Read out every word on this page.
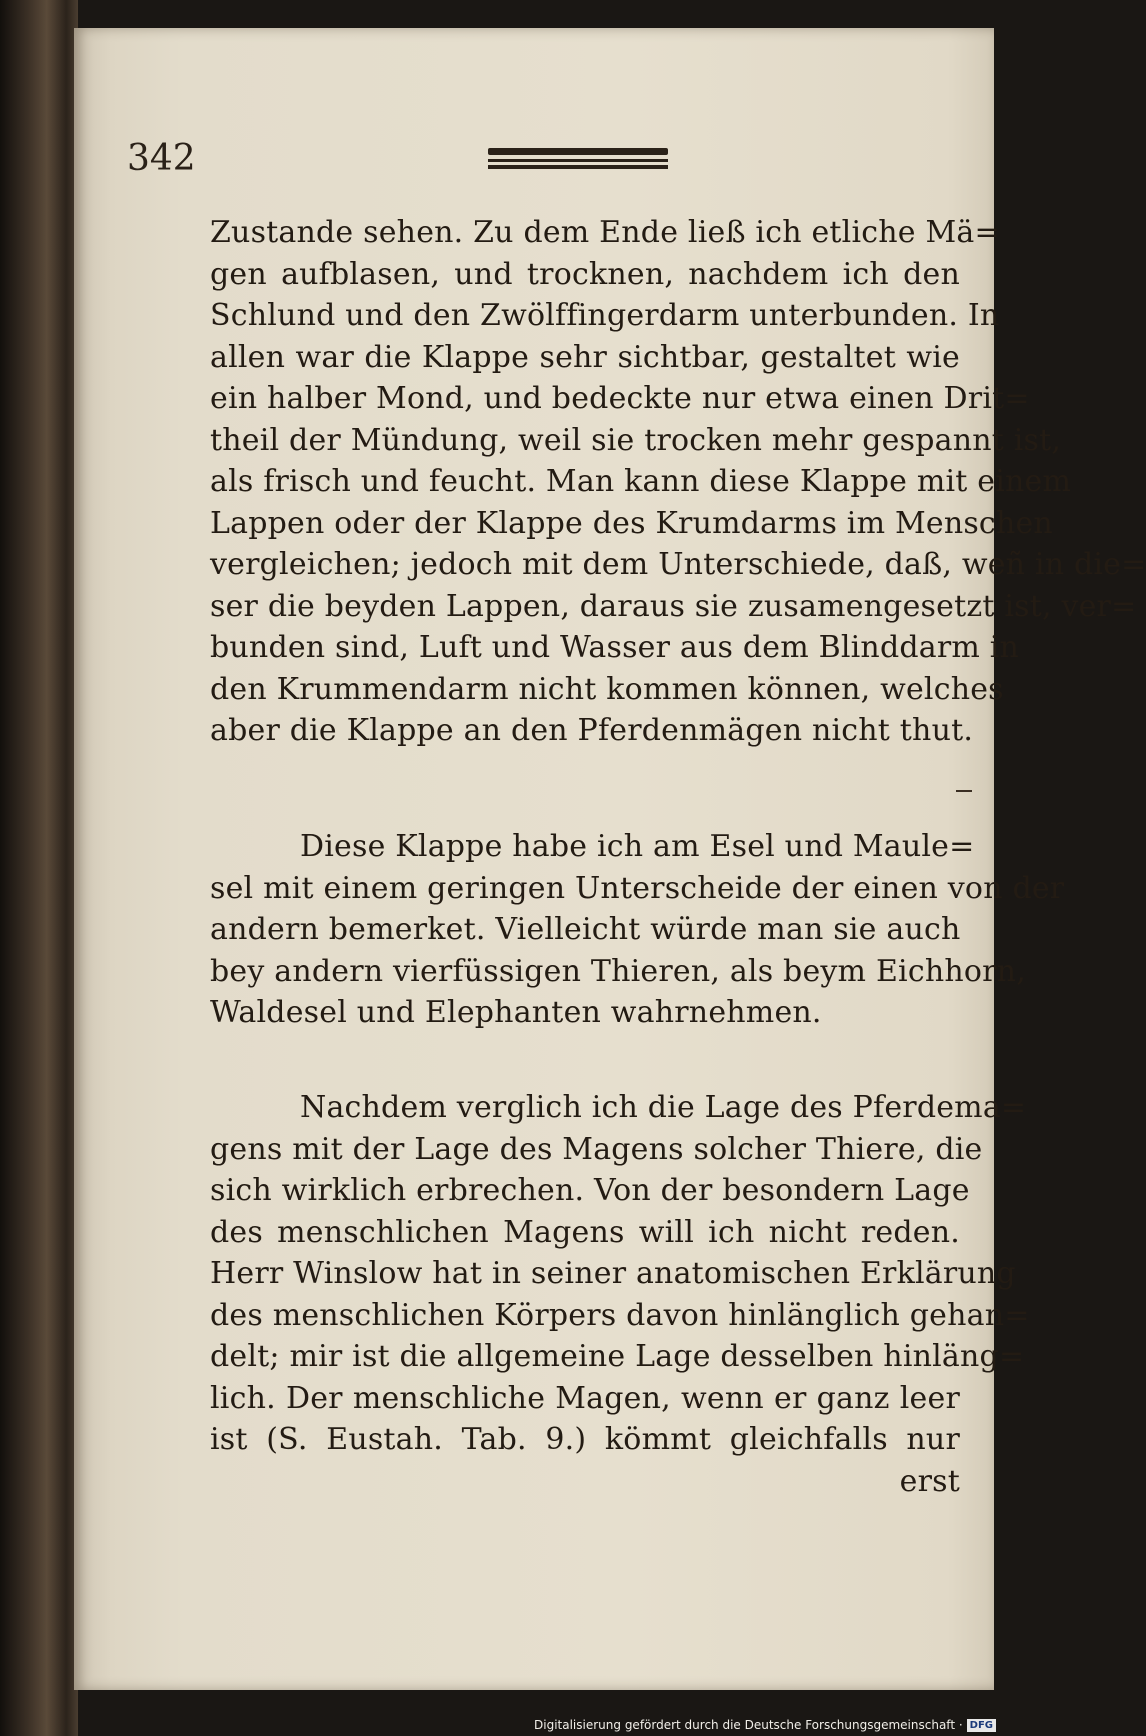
342
Zustande sehen. Zu dem Ende ließ ich etliche Mä=
gen aufblasen, und trocknen, nachdem ich den
Schlund und den Zwölffingerdarm unterbunden. In
allen war die Klappe sehr sichtbar, gestaltet wie
ein halber Mond, und bedeckte nur etwa einen Drit=
theil der Mündung, weil sie trocken mehr gespannt ist,
als frisch und feucht. Man kann diese Klappe mit einem
Lappen oder der Klappe des Krumdarms im Menschen
vergleichen; jedoch mit dem Unterschiede, daß, weñ in die=
ser die beyden Lappen, daraus sie zusamengesetzt ist, ver=
bunden sind, Luft und Wasser aus dem Blinddarm in
den Krummendarm nicht kommen können, welches
aber die Klappe an den Pferdenmägen nicht thut.
Diese Klappe habe ich am Esel und Maule=
sel mit einem geringen Unterscheide der einen von der
andern bemerket. Vielleicht würde man sie auch
bey andern vierfüssigen Thieren, als beym Eichhorn,
Waldesel und Elephanten wahrnehmen.
Nachdem verglich ich die Lage des Pferdema=
gens mit der Lage des Magens solcher Thiere, die
sich wirklich erbrechen. Von der besondern Lage
des menschlichen Magens will ich nicht reden.
Herr Winslow hat in seiner anatomischen Erklärung
des menschlichen Körpers davon hinlänglich gehan=
delt; mir ist die allgemeine Lage desselben hinläng=
lich. Der menschliche Magen, wenn er ganz leer
ist (S. Eustah. Tab. 9.) kömmt gleichfalls nur
erst
Digitalisierung gefördert durch die Deutsche Forschungsgemeinschaft · DFG
